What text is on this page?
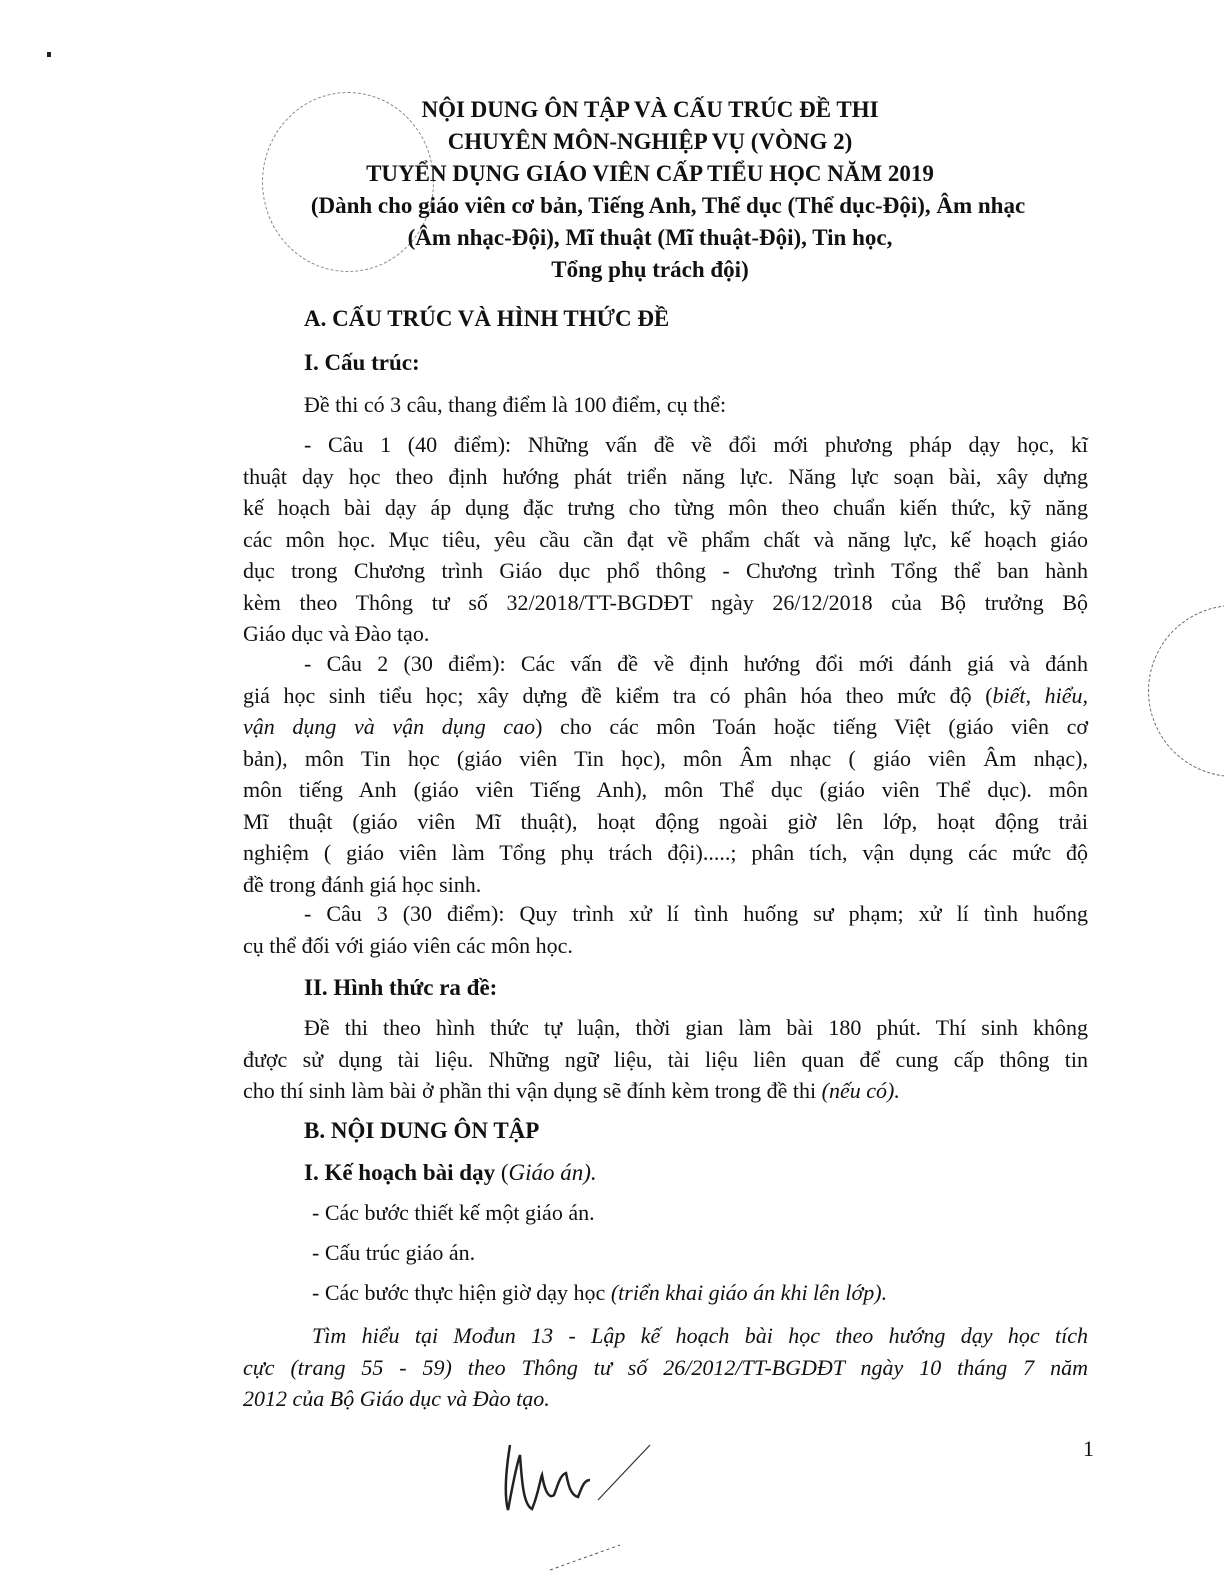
NỘI DUNG ÔN TẬP VÀ CẤU TRÚC ĐỀ THI
CHUYÊN MÔN-NGHIỆP VỤ (VÒNG 2)
TUYỂN DỤNG GIÁO VIÊN CẤP TIỂU HỌC NĂM 2019
(Dành cho giáo viên cơ bản, Tiếng Anh, Thể dục (Thể dục-Đội), Âm nhạc
(Âm nhạc-Đội), Mĩ thuật (Mĩ thuật-Đội), Tin học,
Tổng phụ trách đội)
A. CẤU TRÚC VÀ HÌNH THỨC ĐỀ
I. Cấu trúc:
Đề thi có 3 câu, thang điểm là 100 điểm, cụ thể:
- Câu 1 (40 điểm): Những vấn đề về đổi mới phương pháp dạy học, kĩ
thuật dạy học theo định hướng phát triển năng lực. Năng lực soạn bài, xây dựng
kế hoạch bài dạy áp dụng đặc trưng cho từng môn theo chuẩn kiến thức, kỹ năng
các môn học. Mục tiêu, yêu cầu cần đạt về phẩm chất và năng lực, kế hoạch giáo
dục trong Chương trình Giáo dục phổ thông - Chương trình Tổng thể ban hành
kèm theo Thông tư số 32/2018/TT-BGDĐT ngày 26/12/2018 của Bộ trưởng Bộ
Giáo dục và Đào tạo.
- Câu 2 (30 điểm): Các vấn đề về định hướng đổi mới đánh giá và đánh
giá học sinh tiểu học; xây dựng đề kiểm tra có phân hóa theo mức độ (biết, hiểu,
vận dụng và vận dụng cao) cho các môn Toán hoặc tiếng Việt (giáo viên cơ
bản), môn Tin học (giáo viên Tin học), môn Âm nhạc ( giáo viên Âm nhạc),
môn tiếng Anh (giáo viên Tiếng Anh), môn Thể dục (giáo viên Thể dục). môn
Mĩ thuật (giáo viên Mĩ thuật), hoạt động ngoài giờ lên lớp, hoạt động trải
nghiệm ( giáo viên làm Tổng phụ trách đội).....; phân tích, vận dụng các mức độ
đề trong đánh giá học sinh.
- Câu 3 (30 điểm): Quy trình xử lí tình huống sư phạm; xử lí tình huống
cụ thể đối với giáo viên các môn học.
II. Hình thức ra đề:
Đề thi theo hình thức tự luận, thời gian làm bài 180 phút. Thí sinh không
được sử dụng tài liệu. Những ngữ liệu, tài liệu liên quan để cung cấp thông tin
cho thí sinh làm bài ở phần thi vận dụng sẽ đính kèm trong đề thi (nếu có).
B. NỘI DUNG ÔN TẬP
I. Kế hoạch bài dạy (Giáo án).
- Các bước thiết kế một giáo án.
- Cấu trúc giáo án.
- Các bước thực hiện giờ dạy học (triển khai giáo án khi lên lớp).
Tìm hiểu tại Mođun 13 - Lập kế hoạch bài học theo hướng dạy học tích
cực (trang 55 - 59) theo Thông tư số 26/2012/TT-BGDĐT ngày 10 tháng 7 năm
2012 của Bộ Giáo dục và Đào tạo.
1
